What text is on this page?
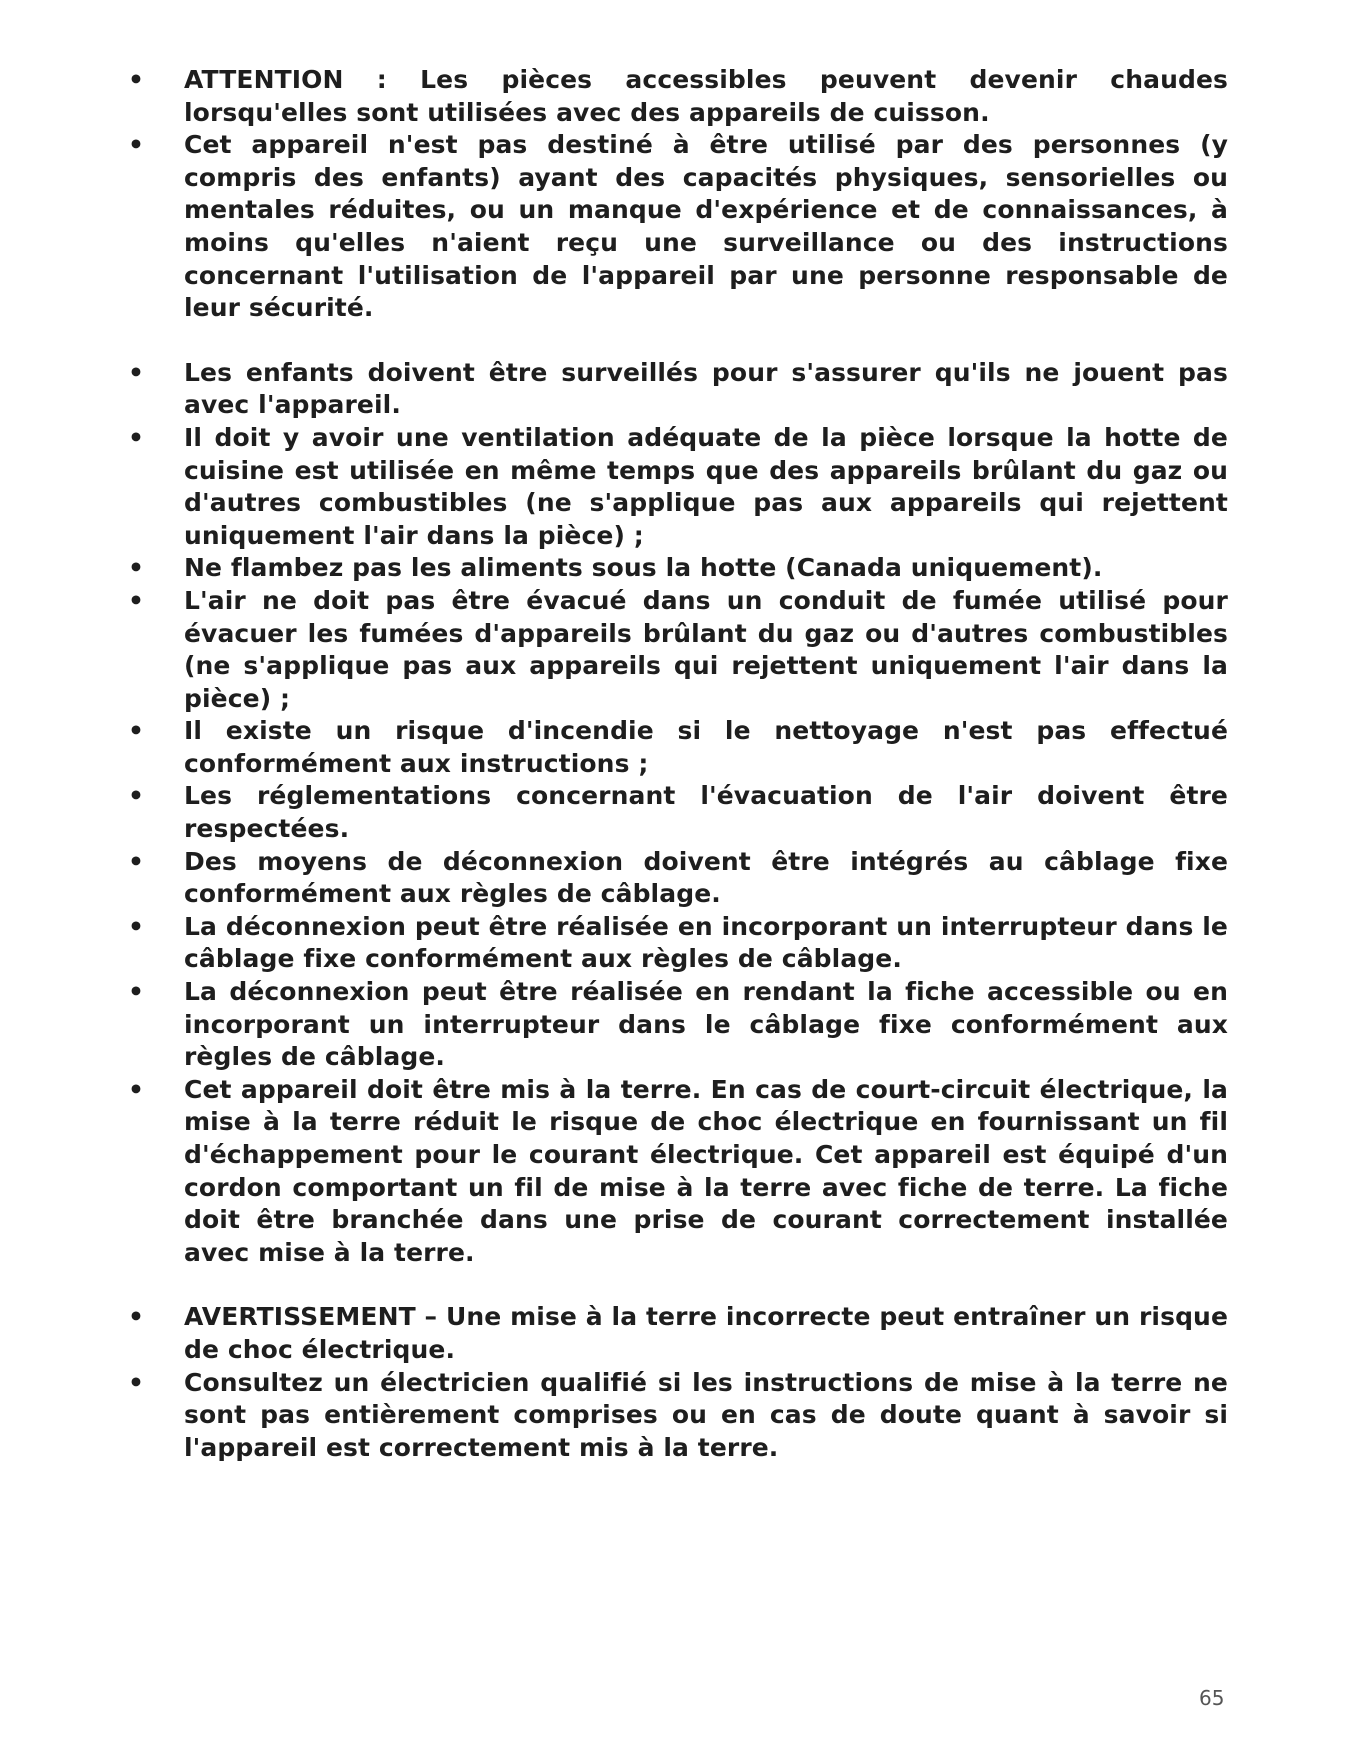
• ATTENTION : Les pièces accessibles peuvent devenir chaudes lorsqu'elles sont utilisées avec des appareils de cuisson.
• Cet appareil n'est pas destiné à être utilisé par des personnes (y compris des enfants) ayant des capacités physiques, sensorielles ou mentales réduites, ou un manque d'expérience et de connaissances, à moins qu'elles n'aient reçu une surveillance ou des instructions concernant l'utilisation de l'appareil par une personne responsable de leur sécurité.
• Les enfants doivent être surveillés pour s'assurer qu'ils ne jouent pas avec l'appareil.
• Il doit y avoir une ventilation adéquate de la pièce lorsque la hotte de cuisine est utilisée en même temps que des appareils brûlant du gaz ou d'autres combustibles (ne s'applique pas aux appareils qui rejettent uniquement l'air dans la pièce) ;
• Ne flambez pas les aliments sous la hotte (Canada uniquement).
• L'air ne doit pas être évacué dans un conduit de fumée utilisé pour évacuer les fumées d'appareils brûlant du gaz ou d'autres combustibles (ne s'applique pas aux appareils qui rejettent uniquement l'air dans la pièce) ;
• Il existe un risque d'incendie si le nettoyage n'est pas effectué conformément aux instructions ;
• Les réglementations concernant l'évacuation de l'air doivent être respectées.
• Des moyens de déconnexion doivent être intégrés au câblage fixe conformément aux règles de câblage.
• La déconnexion peut être réalisée en incorporant un interrupteur dans le câblage fixe conformément aux règles de câblage.
• La déconnexion peut être réalisée en rendant la fiche accessible ou en incorporant un interrupteur dans le câblage fixe conformément aux règles de câblage.
• Cet appareil doit être mis à la terre. En cas de court-circuit électrique, la mise à la terre réduit le risque de choc électrique en fournissant un fil d'échappement pour le courant électrique. Cet appareil est équipé d'un cordon comportant un fil de mise à la terre avec fiche de terre. La fiche doit être branchée dans une prise de courant correctement installée avec mise à la terre.
• AVERTISSEMENT – Une mise à la terre incorrecte peut entraîner un risque de choc électrique.
• Consultez un électricien qualifié si les instructions de mise à la terre ne sont pas entièrement comprises ou en cas de doute quant à savoir si l'appareil est correctement mis à la terre.
65
